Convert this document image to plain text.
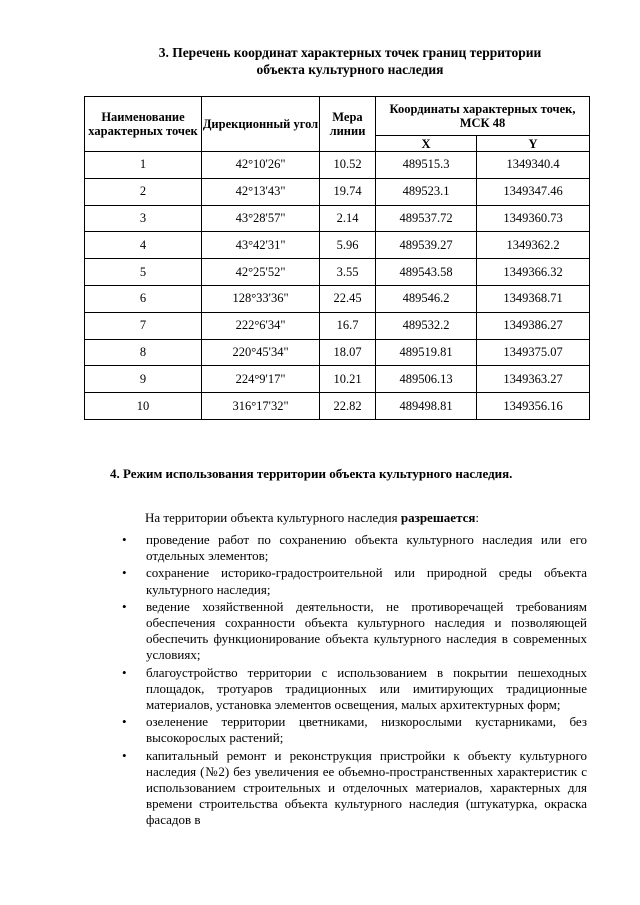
3. Перечень координат характерных точек границ территории
объекта культурного наследия
Наименование характерных точек	Дирекционный угол	Мера линии	Координаты характерных точек, МСК 48	
			X	Y
1	42°10'26"	10.52	489515.3	1349340.4
2	42°13'43"	19.74	489523.1	1349347.46
3	43°28'57"	2.14	489537.72	1349360.73
4	43°42'31"	5.96	489539.27	1349362.2
5	42°25'52"	3.55	489543.58	1349366.32
6	128°33'36"	22.45	489546.2	1349368.71
7	222°6'34"	16.7	489532.2	1349386.27
8	220°45'34"	18.07	489519.81	1349375.07
9	224°9'17"	10.21	489506.13	1349363.27
10	316°17'32"	22.82	489498.81	1349356.16
4. Режим использования территории объекта культурного наследия.
На территории объекта культурного наследия разрешается:
• проведение работ по сохранению объекта культурного наследия или его отдельных элементов;
• сохранение историко-градостроительной или природной среды объекта культурного наследия;
• ведение хозяйственной деятельности, не противоречащей требованиям обеспечения сохранности объекта культурного наследия и позволяющей обеспечить функционирование объекта культурного наследия в современных условиях;
• благоустройство территории с использованием в покрытии пешеходных площадок, тротуаров традиционных или имитирующих традиционные материалов, установка элементов освещения, малых архитектурных форм;
• озеленение территории цветниками, низкорослыми кустарниками, без высокорослых растений;
• капитальный ремонт и реконструкция пристройки к объекту культурного наследия (№2) без увеличения ее объемно-пространственных характеристик с использованием строительных и отделочных материалов, характерных для времени строительства объекта культурного наследия (штукатурка, окраска фасадов в
